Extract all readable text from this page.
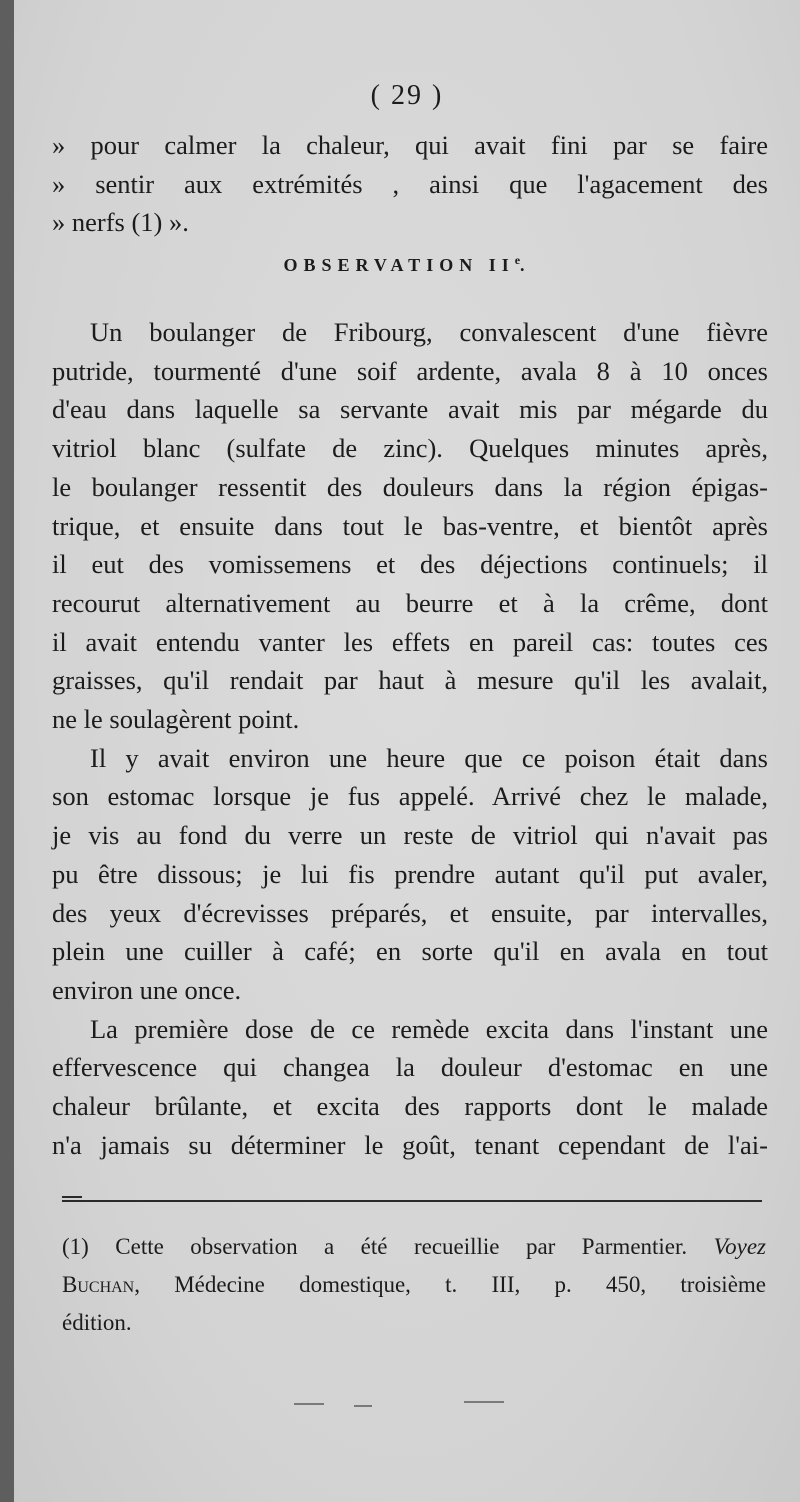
( 29 )
» pour calmer la chaleur, qui avait fini par se faire
» sentir aux extrémités , ainsi que l'agacement des
» nerfs (1) ».
OBSERVATION IIe.

Un boulanger de Fribourg, convalescent d'une fièvre
putride, tourmenté d'une soif ardente, avala 8 à 10 onces
d'eau dans laquelle sa servante avait mis par mégarde du
vitriol blanc (sulfate de zinc). Quelques minutes après,
le boulanger ressentit des douleurs dans la région épigas-
trique, et ensuite dans tout le bas-ventre, et bientôt après
il eut des vomissemens et des déjections continuels; il
recourut alternativement au beurre et à la crême, dont
il avait entendu vanter les effets en pareil cas: toutes ces
graisses, qu'il rendait par haut à mesure qu'il les avalait,
ne le soulagèrent point.

Il y avait environ une heure que ce poison était dans
son estomac lorsque je fus appelé. Arrivé chez le malade,
je vis au fond du verre un reste de vitriol qui n'avait pas
pu être dissous; je lui fis prendre autant qu'il put avaler,
des yeux d'écrevisses préparés, et ensuite, par intervalles,
plein une cuiller à café; en sorte qu'il en avala en tout
environ une once.

La première dose de ce remède excita dans l'instant une
effervescence qui changea la douleur d'estomac en une
chaleur brûlante, et excita des rapports dont le malade
n'a jamais su déterminer le goût, tenant cependant de l'ai-

(1) Cette observation a été recueillie par Parmentier. Voyez
Buchan, Médecine domestique, t. III, p. 450, troisième
édition.
